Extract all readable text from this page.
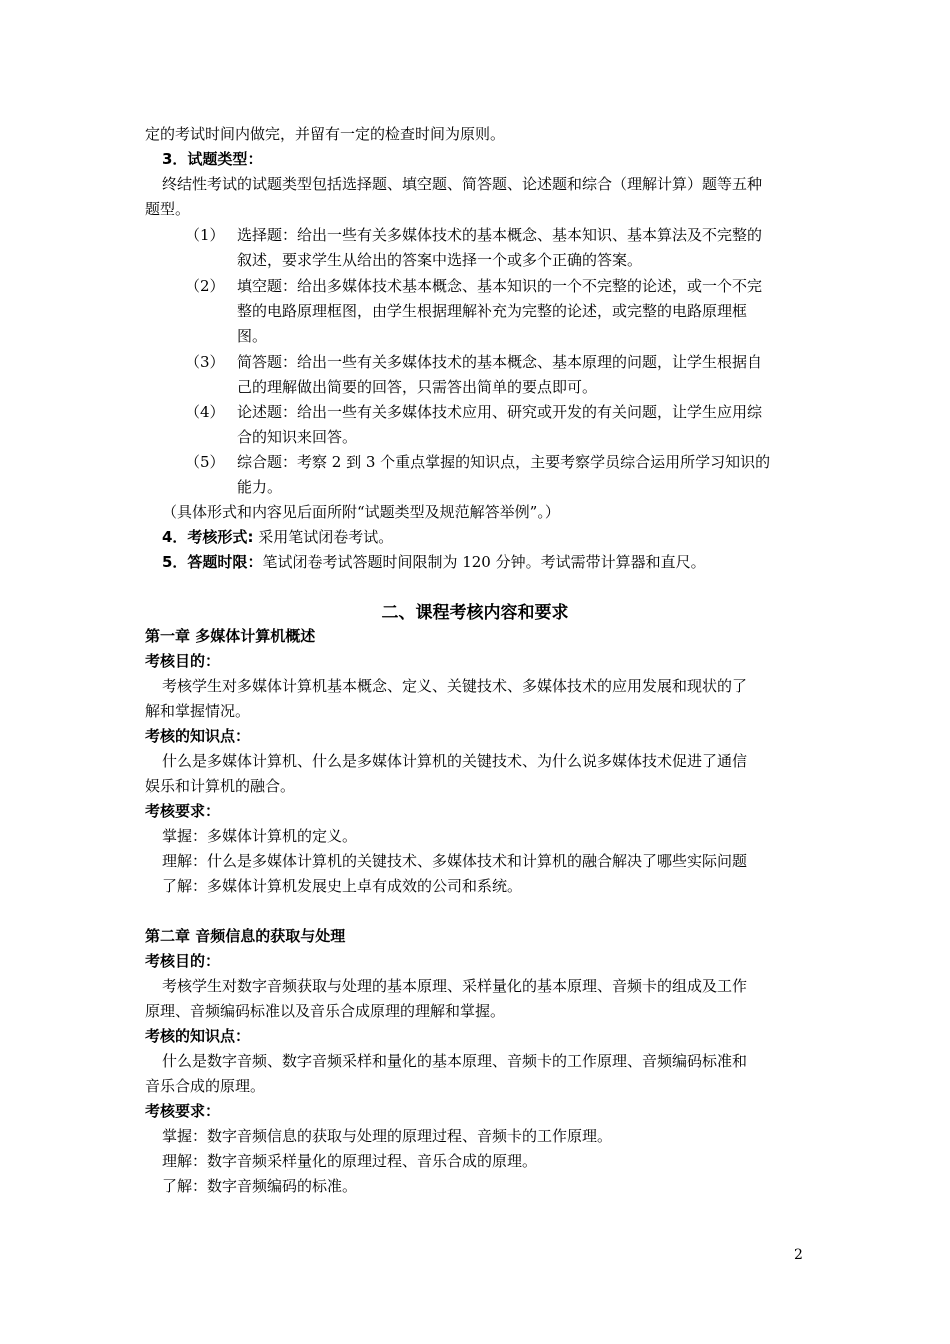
定的考试时间内做完，并留有一定的检查时间为原则。
3．试题类型：
终结性考试的试题类型包括选择题、填空题、简答题、论述题和综合（理解计算）题等五种
题型。
（1） 选择题：给出一些有关多媒体技术的基本概念、基本知识、基本算法及不完整的
叙述，要求学生从给出的答案中选择一个或多个正确的答案。
（2） 填空题：给出多媒体技术基本概念、基本知识的一个不完整的论述，或一个不完
整的电路原理框图，由学生根据理解补充为完整的论述，或完整的电路原理框
图。
（3） 简答题：给出一些有关多媒体技术的基本概念、基本原理的问题，让学生根据自
己的理解做出简要的回答，只需答出简单的要点即可。
（4） 论述题：给出一些有关多媒体技术应用、研究或开发的有关问题，让学生应用综
合的知识来回答。
（5） 综合题：考察 2 到 3 个重点掌握的知识点，主要考察学员综合运用所学习知识的
能力。
（具体形式和内容见后面所附“试题类型及规范解答举例”。）
4．考核形式: 采用笔试闭卷考试。
5．答题时限：笔试闭卷考试答题时间限制为 120 分钟。考试需带计算器和直尺。
二、课程考核内容和要求
第一章 多媒体计算机概述
考核目的：
考核学生对多媒体计算机基本概念、定义、关键技术、多媒体技术的应用发展和现状的了
解和掌握情况。
考核的知识点：
什么是多媒体计算机、什么是多媒体计算机的关键技术、为什么说多媒体技术促进了通信
娱乐和计算机的融合。
考核要求：
掌握：多媒体计算机的定义。
理解：什么是多媒体计算机的关键技术、多媒体技术和计算机的融合解决了哪些实际问题
了解：多媒体计算机发展史上卓有成效的公司和系统。
第二章 音频信息的获取与处理
考核目的：
考核学生对数字音频获取与处理的基本原理、采样量化的基本原理、音频卡的组成及工作
原理、音频编码标准以及音乐合成原理的理解和掌握。
考核的知识点：
什么是数字音频、数字音频采样和量化的基本原理、音频卡的工作原理、音频编码标准和
音乐合成的原理。
考核要求：
掌握：数字音频信息的获取与处理的原理过程、音频卡的工作原理。
理解：数字音频采样量化的原理过程、音乐合成的原理。
了解：数字音频编码的标准。
2
